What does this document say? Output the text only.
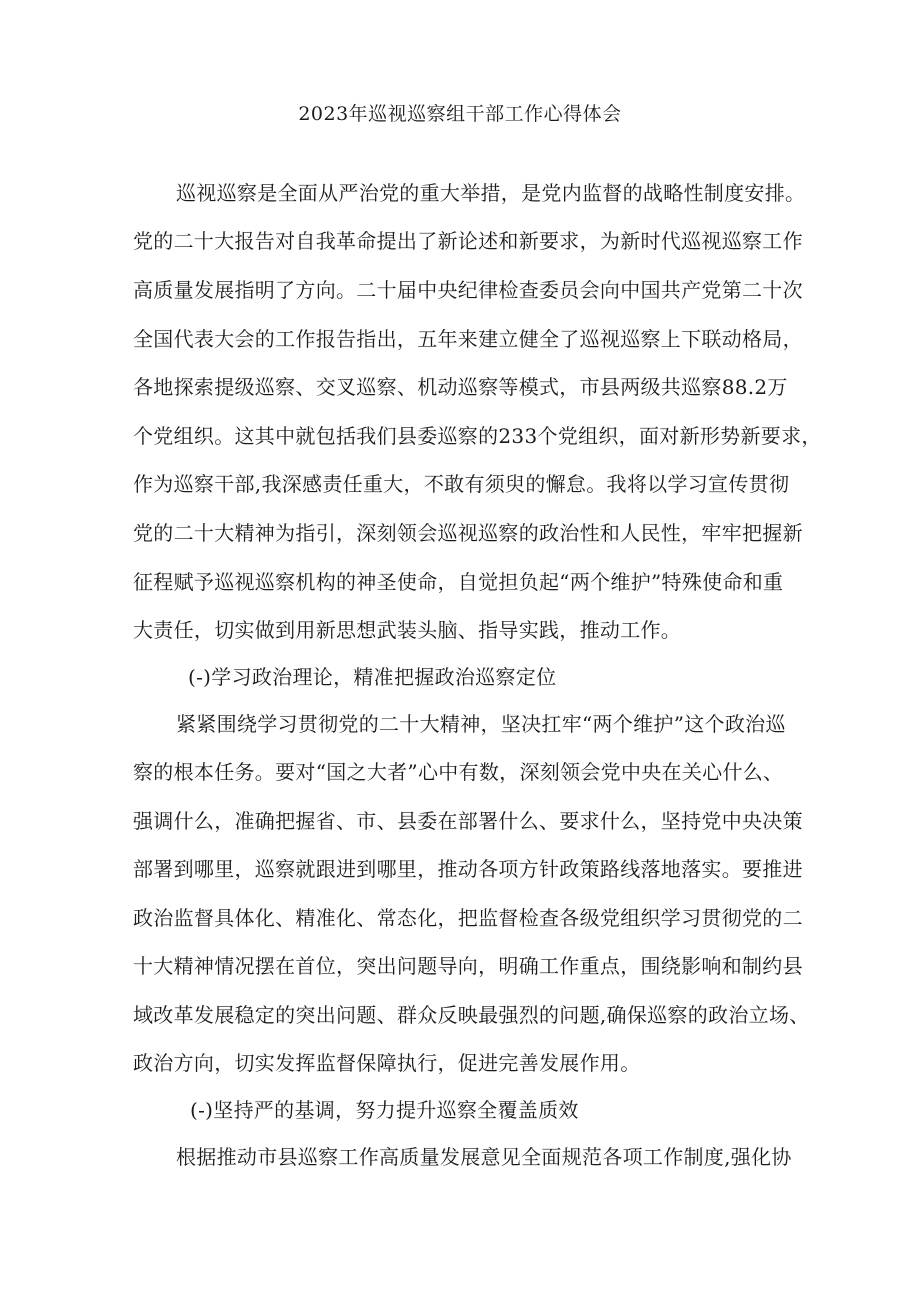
2023年巡视巡察组干部工作心得体会
巡视巡察是全面从严治党的重大举措，是党内监督的战略性制度安排。
党的二十大报告对自我革命提出了新论述和新要求，为新时代巡视巡察工作
高质量发展指明了方向。二十届中央纪律检查委员会向中国共产党第二十次
全国代表大会的工作报告指出，五年来建立健全了巡视巡察上下联动格局，
各地探索提级巡察、交叉巡察、机动巡察等模式，市县两级共巡察88.2万
个党组织。这其中就包括我们县委巡察的233个党组织，面对新形势新要求，
作为巡察干部,我深感责任重大，不敢有须臾的懈怠。我将以学习宣传贯彻
党的二十大精神为指引，深刻领会巡视巡察的政治性和人民性，牢牢把握新
征程赋予巡视巡察机构的神圣使命，自觉担负起“两个维护”特殊使命和重
大责任，切实做到用新思想武装头脑、指导实践，推动工作。
(-)学习政治理论，精准把握政治巡察定位
紧紧围绕学习贯彻党的二十大精神，坚决扛牢“两个维护”这个政治巡
察的根本任务。要对“国之大者”心中有数，深刻领会党中央在关心什么、
强调什么，准确把握省、市、县委在部署什么、要求什么，坚持党中央决策
部署到哪里，巡察就跟进到哪里，推动各项方针政策路线落地落实。要推进
政治监督具体化、精准化、常态化，把监督检查各级党组织学习贯彻党的二
十大精神情况摆在首位，突出问题导向，明确工作重点，围绕影响和制约县
域改革发展稳定的突出问题、群众反映最强烈的问题,确保巡察的政治立场、
政治方向，切实发挥监督保障执行，促进完善发展作用。
(-)坚持严的基调，努力提升巡察全覆盖质效
根据推动市县巡察工作高质量发展意见全面规范各项工作制度,强化协
